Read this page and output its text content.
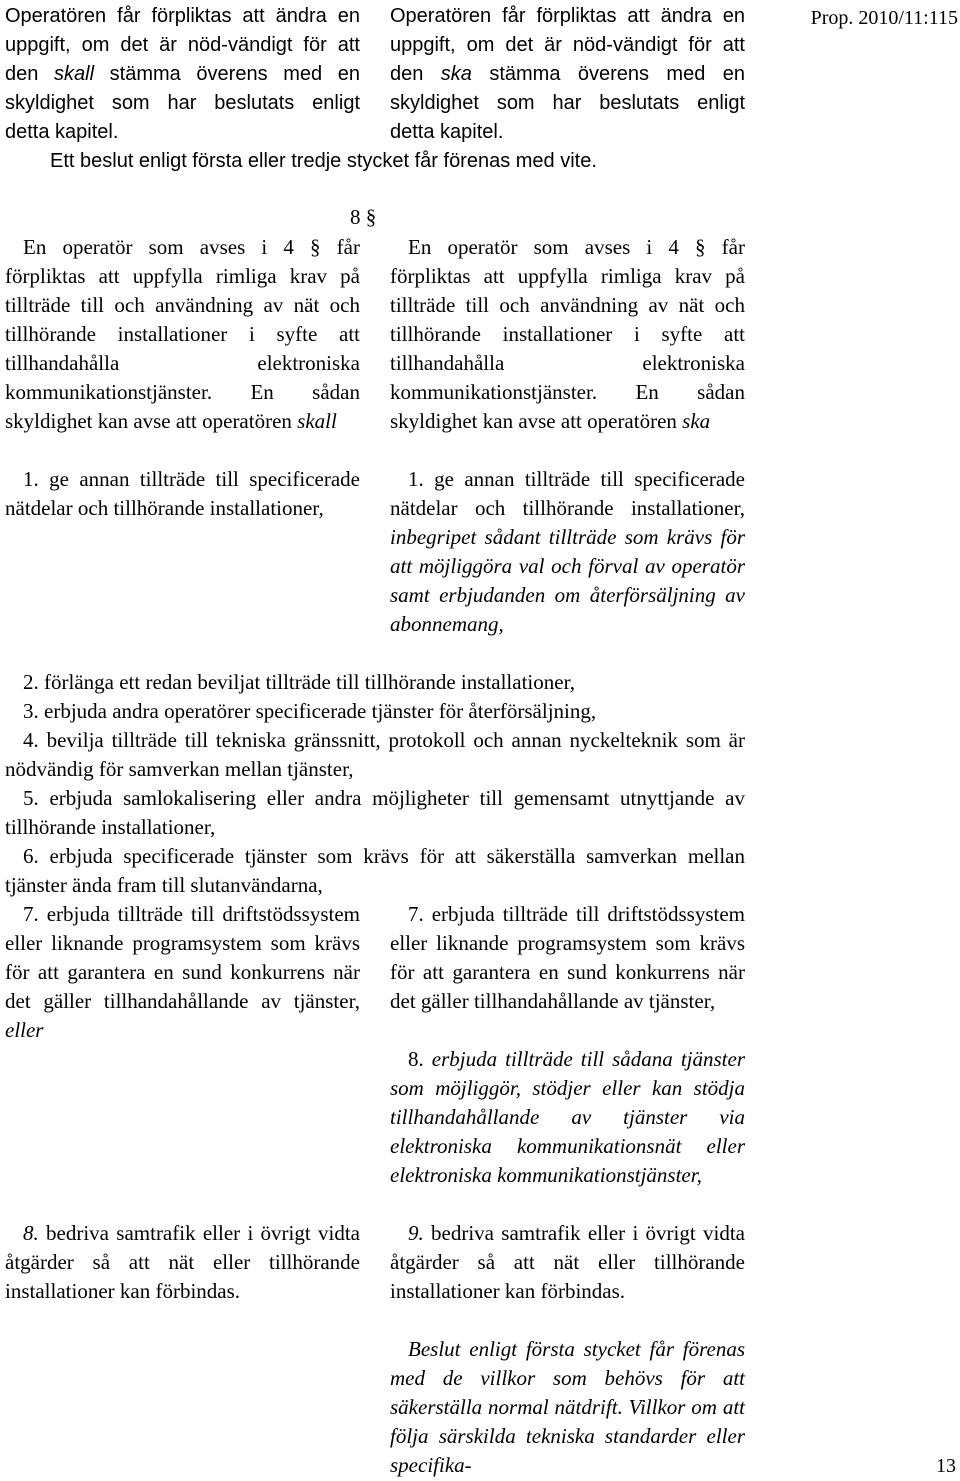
Prop. 2010/11:115
Operatören får förpliktas att ändra en uppgift, om det är nöd-vändigt för att den skall stämma överens med en skyldighet som har beslutats enligt detta kapitel.
Operatören får förpliktas att ändra en uppgift, om det är nöd-vändigt för att den ska stämma överens med en skyldighet som har beslutats enligt detta kapitel.
Ett beslut enligt första eller tredje stycket får förenas med vite.
8 §
En operatör som avses i 4 § får förpliktas att uppfylla rimliga krav på tillträde till och användning av nät och tillhörande installationer i syfte att tillhandahålla elektroniska kommunikationstjänster. En sådan skyldighet kan avse att operatören skall
En operatör som avses i 4 § får förpliktas att uppfylla rimliga krav på tillträde till och användning av nät och tillhörande installationer i syfte att tillhandahålla elektroniska kommunikationstjänster. En sådan skyldighet kan avse att operatören ska
1. ge annan tillträde till specificerade nätdelar och tillhörande installationer,
1. ge annan tillträde till specificerade nätdelar och tillhörande installationer, inbegripet sådant tillträde som krävs för att möjliggöra val och förval av operatör samt erbjudanden om återförsäljning av abonnemang,

2. förlänga ett redan beviljat tillträde till tillhörande installationer,

3. erbjuda andra operatörer specificerade tjänster för återförsäljning,

4. bevilja tillträde till tekniska gränssnitt, protokoll och annan nyckelteknik som är nödvändig för samverkan mellan tjänster,

5. erbjuda samlokalisering eller andra möjligheter till gemensamt utnyttjande av tillhörande installationer,

6. erbjuda specificerade tjänster som krävs för att säkerställa samverkan mellan tjänster ända fram till slutanvändarna,

7. erbjuda tillträde till driftstödssystem eller liknande programsystem som krävs för att garantera en sund konkurrens när det gäller tillhandahållande av tjänster, eller
7. erbjuda tillträde till driftstödssystem eller liknande programsystem som krävs för att garantera en sund konkurrens när det gäller tillhandahållande av tjänster,
8. erbjuda tillträde till sådana tjänster som möjliggör, stödjer eller kan stödja tillhandahållande av tjänster via elektroniska kommunikationsnät eller elektroniska kommunikationstjänster,
8. bedriva samtrafik eller i övrigt vidta åtgärder så att nät eller tillhörande installationer kan förbindas.
9. bedriva samtrafik eller i övrigt vidta åtgärder så att nät eller tillhörande installationer kan förbindas.
Beslut enligt första stycket får förenas med de villkor som behövs för att säkerställa normal nätdrift. Villkor om att följa särskilda tekniska standarder eller specifika-	13
